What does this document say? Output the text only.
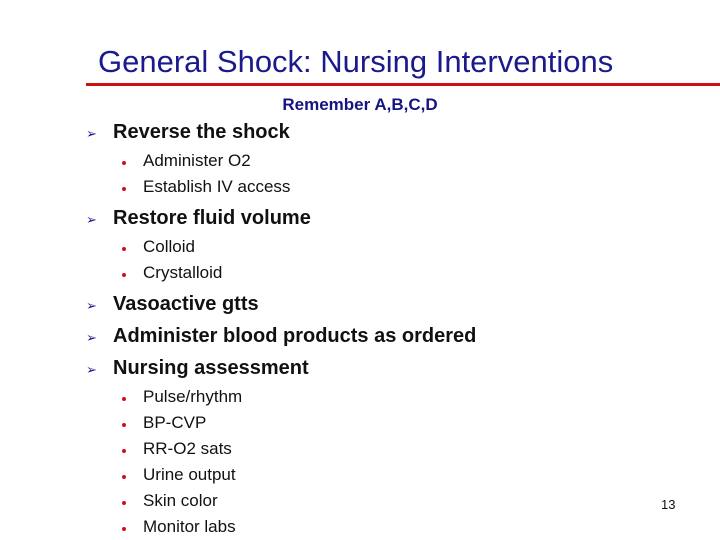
General Shock: Nursing Interventions
Remember A,B,C,D
➢ Reverse the shock
Administer O2
Establish IV access
➢ Restore fluid volume
Colloid
Crystalloid
➢ Vasoactive gtts
➢ Administer blood products as ordered
➢ Nursing assessment
Pulse/rhythm
BP-CVP
RR-O2 sats
Urine output
Skin color
Monitor labs
13
